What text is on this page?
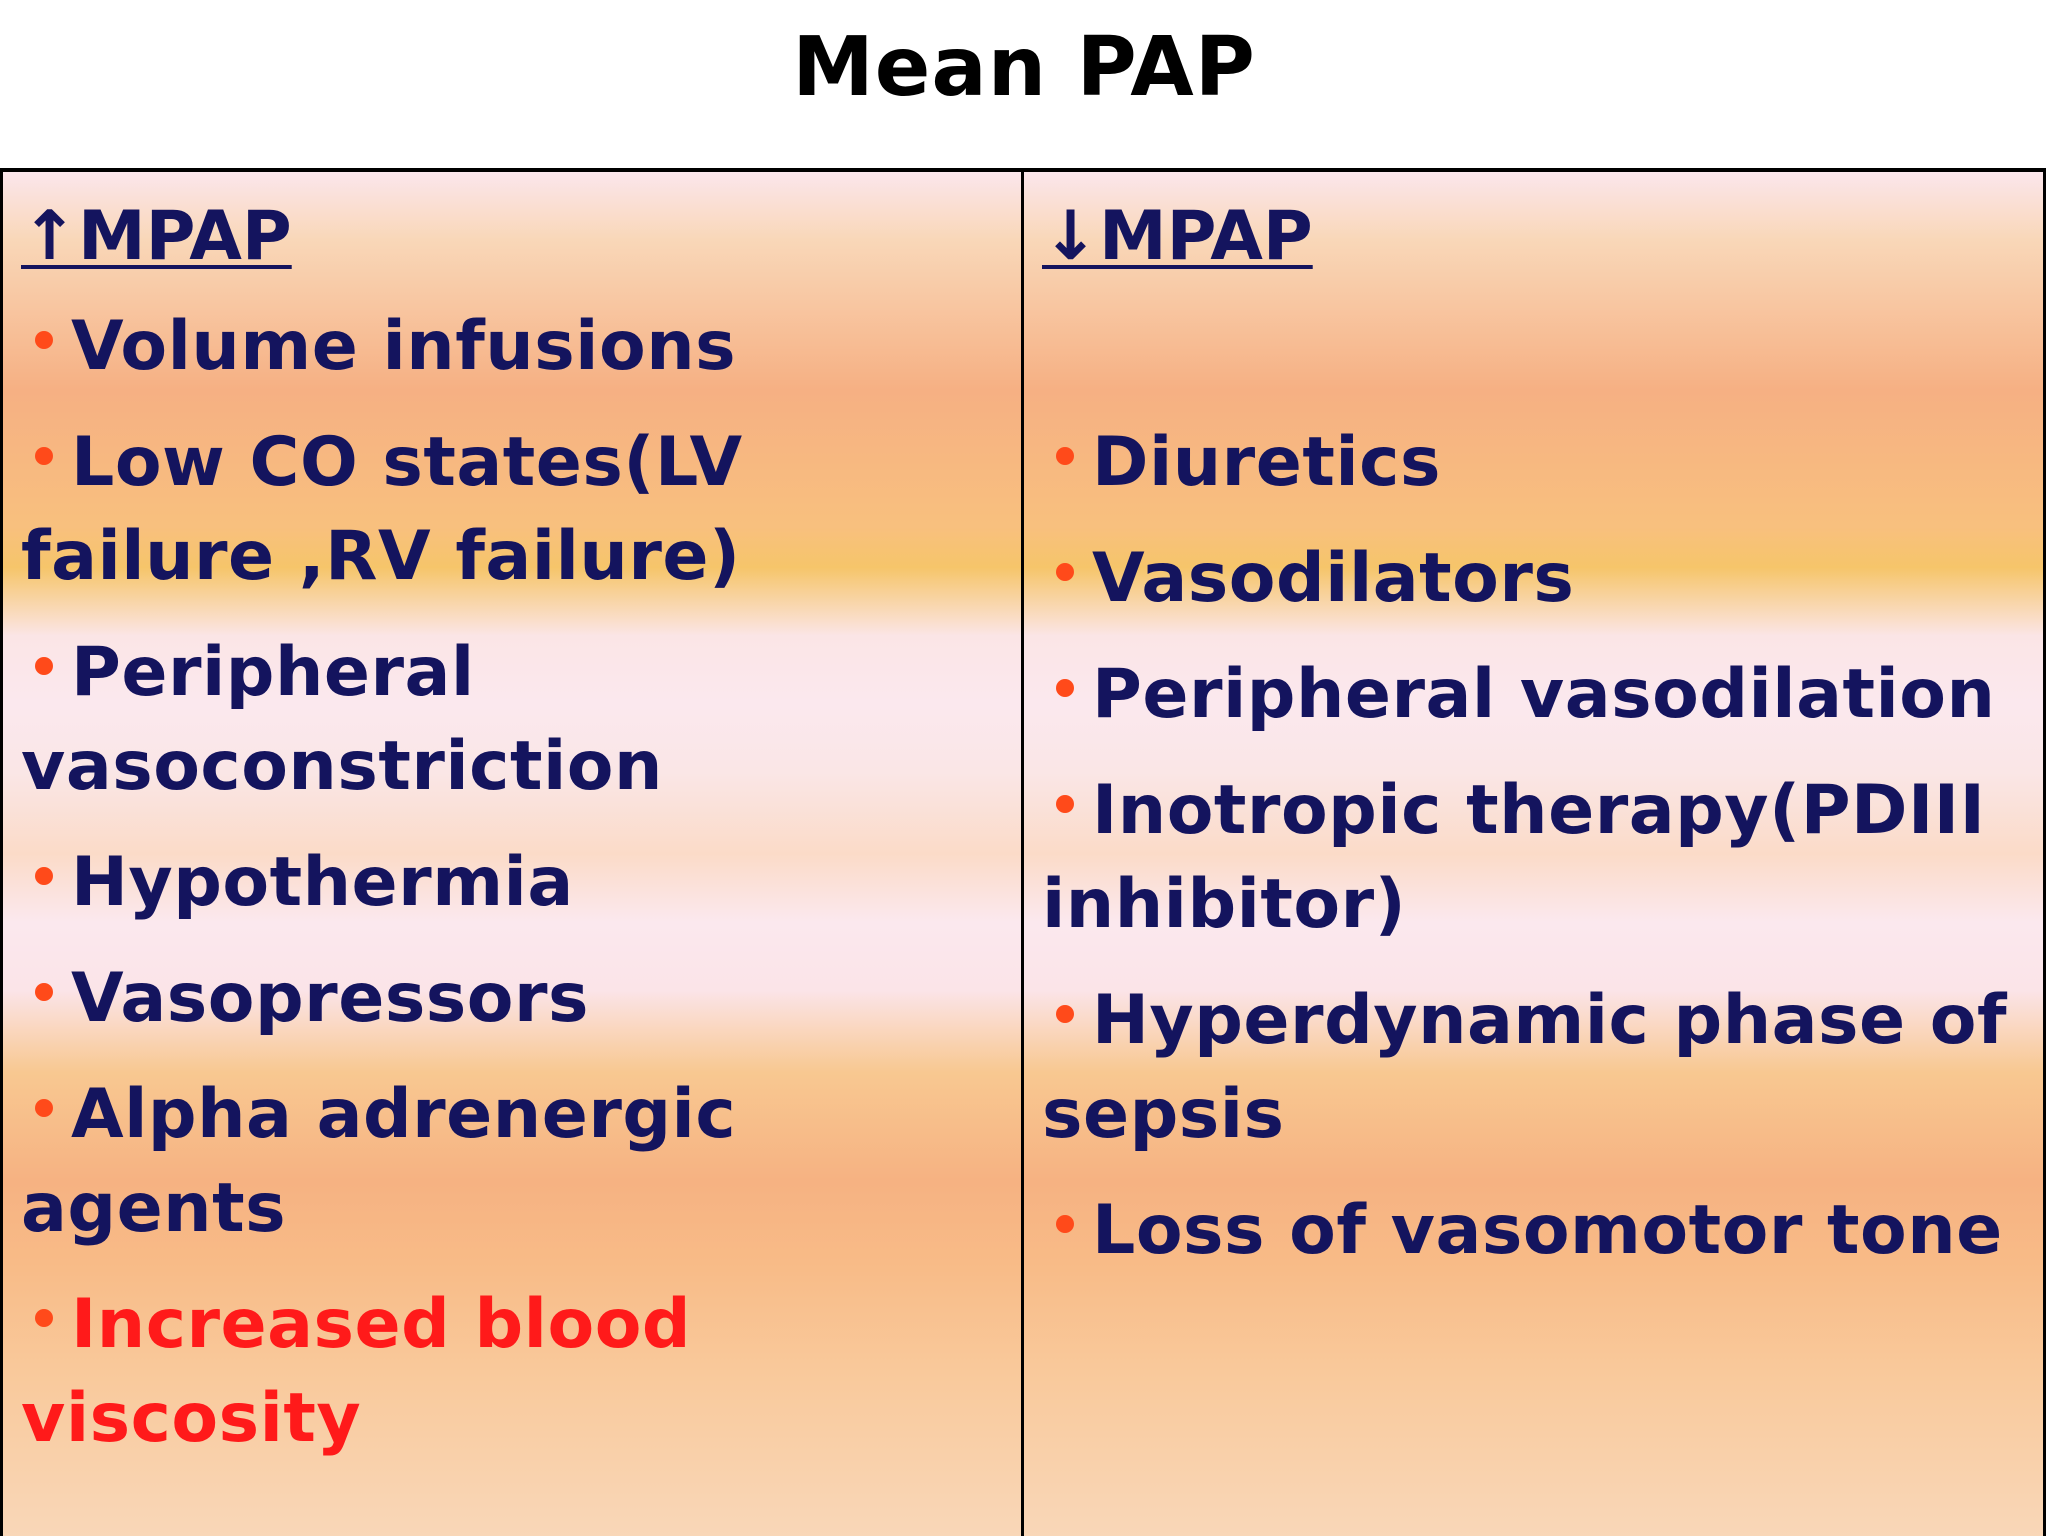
Mean PAP
↑MPAP
Volume infusions
Low CO states(LV failure ,RV failure)
Peripheral vasoconstriction
Hypothermia
Vasopressors
Alpha adrenergic agents
Increased blood viscosity
↓MPAP
Diuretics
Vasodilators
Peripheral vasodilation
Inotropic therapy(PDIII inhibitor)
Hyperdynamic phase of sepsis
Loss of vasomotor tone
